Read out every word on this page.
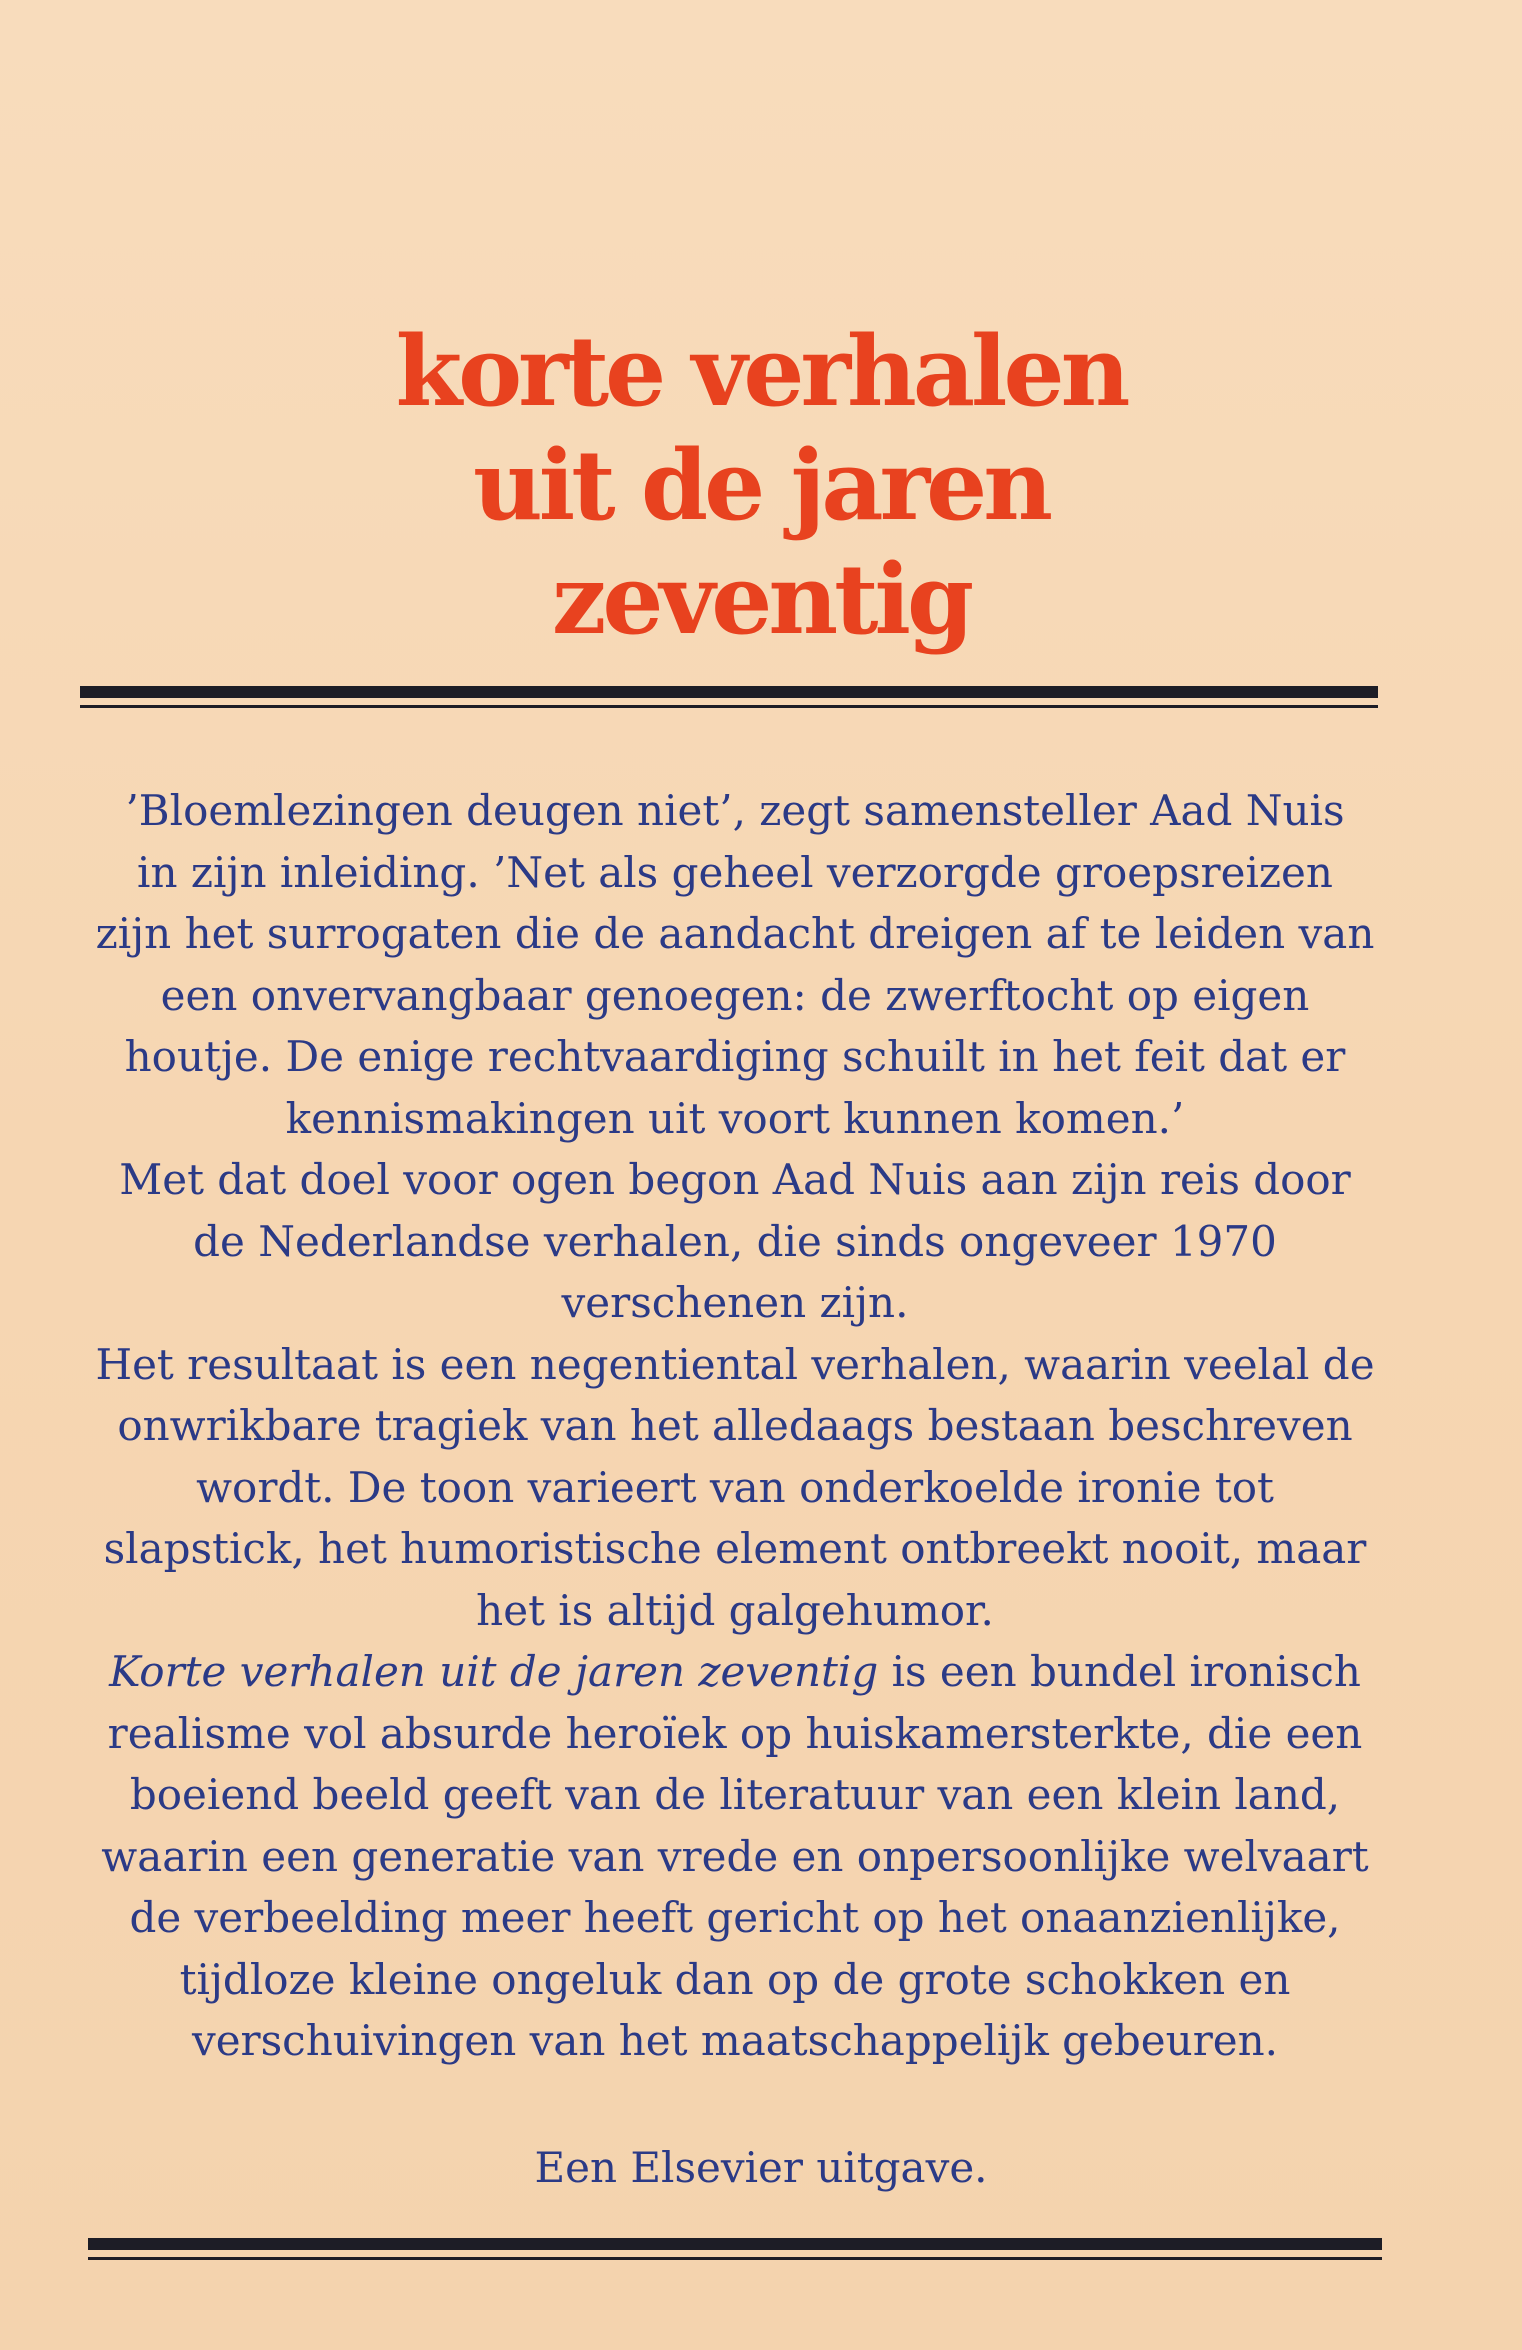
korte verhalen
uit de jaren
zeventig

’Bloemlezingen deugen niet’, zegt samensteller Aad Nuis
in zijn inleiding. ’Net als geheel verzorgde groepsreizen
zijn het surrogaten die de aandacht dreigen af te leiden van
een onvervangbaar genoegen: de zwerftocht op eigen
houtje. De enige rechtvaardiging schuilt in het feit dat er
kennismakingen uit voort kunnen komen.’

Met dat doel voor ogen begon Aad Nuis aan zijn reis door
de Nederlandse verhalen, die sinds ongeveer 1970
verschenen zijn.

Het resultaat is een negentiental verhalen, waarin veelal de
onwrikbare tragiek van het alledaags bestaan beschreven
wordt. De toon varieert van onderkoelde ironie tot
slapstick, het humoristische element ontbreekt nooit, maar
het is altijd galgehumor.

Korte verhalen uit de jaren zeventig is een bundel ironisch
realisme vol absurde heroïek op huiskamersterkte, die een
boeiend beeld geeft van de literatuur van een klein land,
waarin een generatie van vrede en onpersoonlijke welvaart
de verbeelding meer heeft gericht op het onaanzienlijke,
tijdloze kleine ongeluk dan op de grote schokken en
verschuivingen van het maatschappelijk gebeuren.

Een Elsevier uitgave.
